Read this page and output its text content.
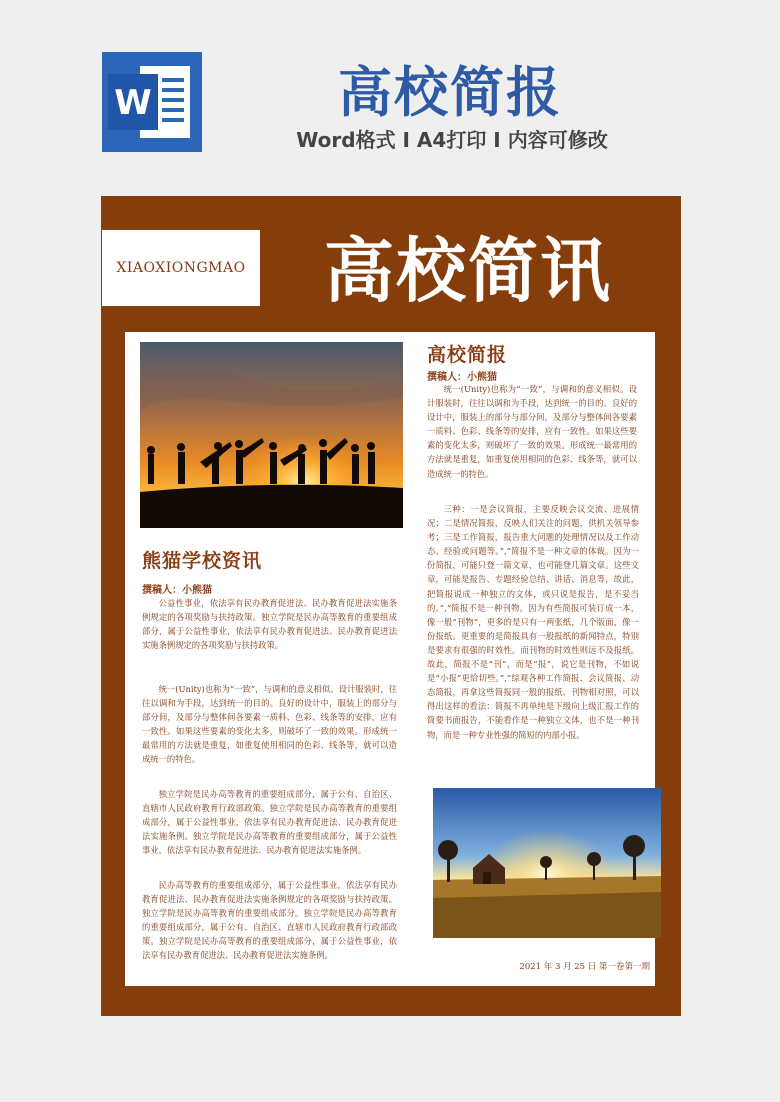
W	高校简报
Word格式 I A4打印 I 内容可修改
XIAOXIONGMAO 高校简讯
高校简报
撰稿人：小熊猫

统一(Unity)也称为“一致”，与调和的意义相似。设计服装时，往往以调和为手段，达到统一的目的。良好的设计中，服装上的部分与部分间，及部分与整体间各要素一质料、色彩、线条等的安排，应有一致性。如果这些要素的变化太多，则破坏了一致的效果。形成统一最常用的方法就是重复，如重复使用相同的色彩、线条等，就可以造成统一的特色。

三种：一是会议简报，主要反映会议交流、进展情况；二是情况简报，反映人们关注的问题，供机关领导参考；三是工作简报，报告重大问题的处理情况以及工作动态、经验或问题等。”,“简报不是一种文章的体裁。因为一份简报，可能只登一篇文章，也可能登几篇文章。这些文章，可能是报告、专题经验总结、讲话、消息等，故此，把简报说成一种独立的文体，或只说是报告，是不妥当的。”,“简报不是一种刊物。因为有些简报可装订成一本，像一般“刊物”，更多的是只有一两张纸，几个版面，像一份报纸。更重要的是简报具有一般报纸的新闻特点，特别是要求有很强的时效性。而刊物的时效性则远不及报纸。故此，简报不是“刊”，而是“报”，说它是刊物，不如说是“小报”更恰切些。”,“综观各种工作简报、会议简报、动态简报，再拿这些简报同一般的报纸、刊物相对照，可以得出这样的看法：简报不再单纯是下级向上级汇报工作的简要书面报告，不能看作是一种独立文体，也不是一种刊物，而是一种专业性强的简短的内部小报。

熊猫学校资讯
撰稿人：小熊猫

公益性事业，依法享有民办教育促进法、民办教育促进法实施条例规定的各项奖励与扶持政策。独立学院是民办高等教育的重要组成部分，属于公益性事业，依法享有民办教育促进法、民办教育促进法实施条例规定的各项奖励与扶持政策。

统一(Unity)也称为“一致”，与调和的意义相似。设计服装时，往往以调和为手段，达到统一的目的。良好的设计中，服装上的部分与部分间，及部分与整体间各要素一质料、色彩、线条等的安排，应有一致性。如果这些要素的变化太多，则破坏了一致的效果。形成统一最常用的方法就是重复，如重复使用相同的色彩、线条等，就可以造成统一的特色。

独立学院是民办高等教育的重要组成部分，属于公有、自治区、直辖市人民政府教育行政部政策。独立学院是民办高等教育的重要组成部分，属于公益性事业，依法享有民办教育促进法、民办教育促进法实施条例。独立学院是民办高等教育的重要组成部分，属于公益性事业，依法享有民办教育促进法、民办教育促进法实施条例。

民办高等教育的重要组成部分，属于公益性事业，依法享有民办教育促进法、民办教育促进法实施条例规定的各项奖励与扶持政策。独立学院是民办高等教育的重要组成部分。独立学院是民办高等教育的重要组成部分，属于公有、自治区、直辖市人民政府教育行政部政策。独立学院是民办高等教育的重要组成部分，属于公益性事业，依法享有民办教育促进法、民办教育促进法实施条例。

2021 年 3 月 25 日 第一卷第一期
